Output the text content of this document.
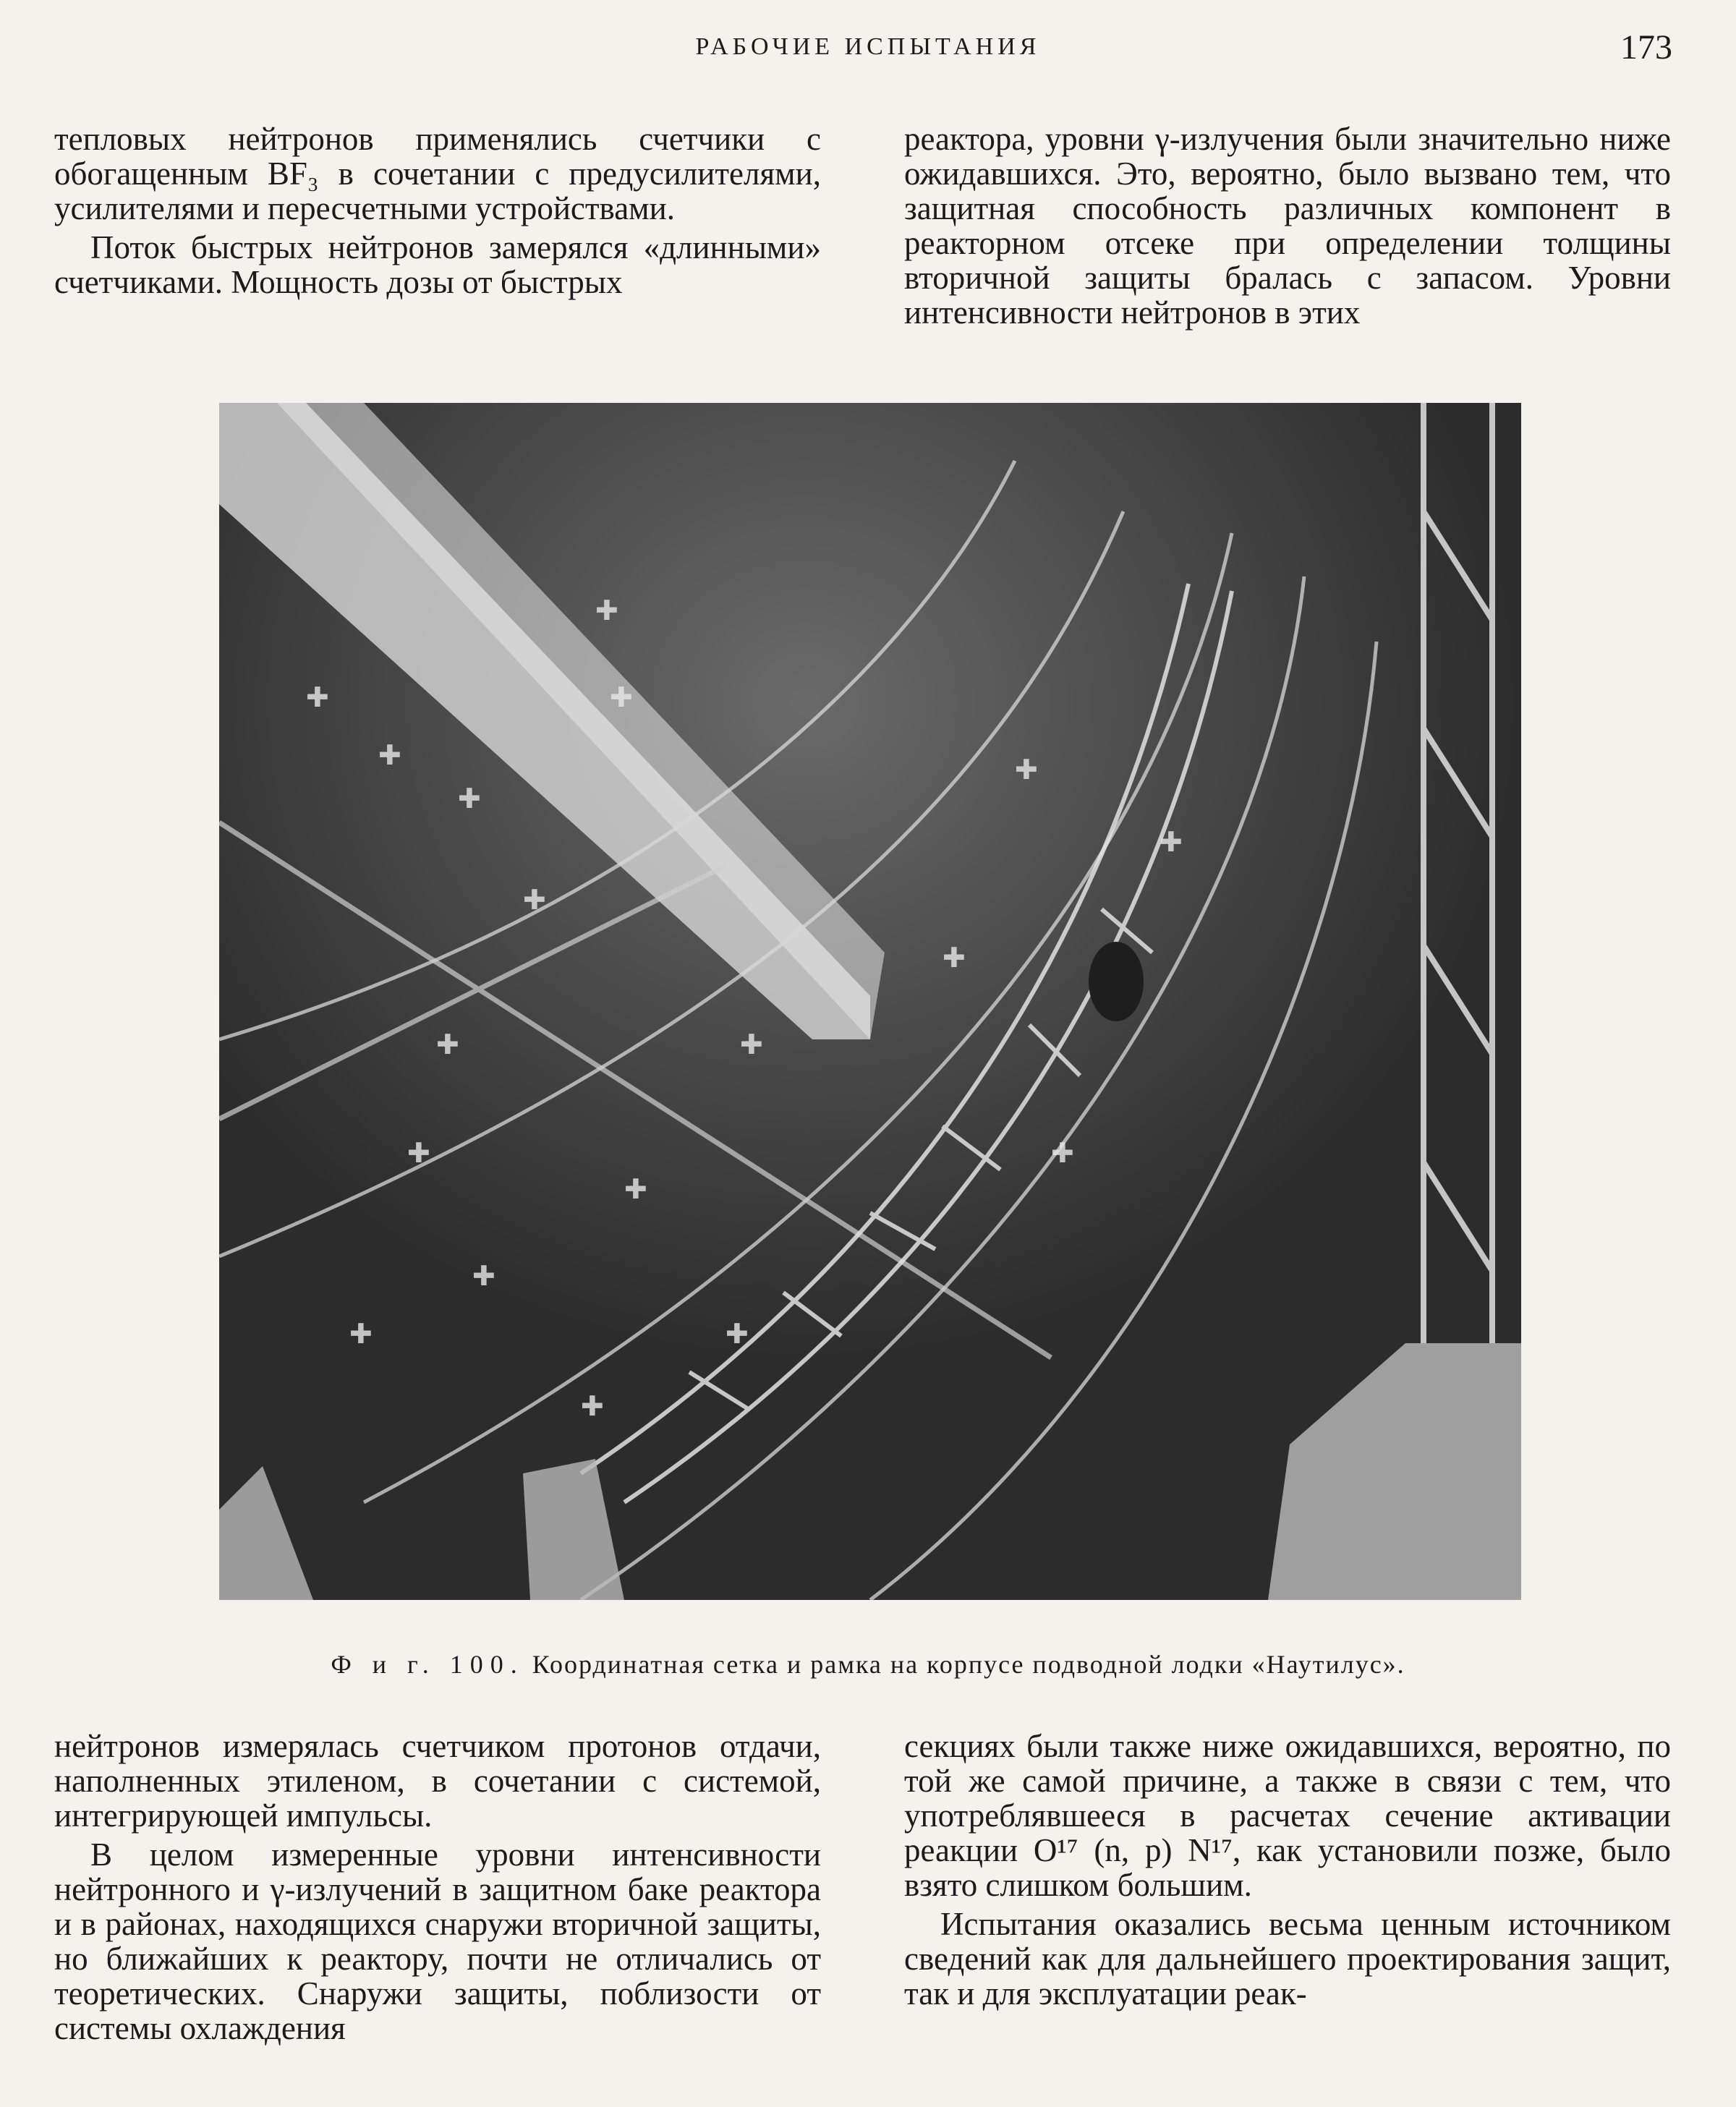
РАБОЧИЕ ИСПЫТАНИЯ	173

тепловых нейтронов применялись счетчики с обогащенным BF₃ в сочетании с предусилителями, усилителями и пересчетными устройствами.

Поток быстрых нейтронов замерялся «длинными» счетчиками. Мощность дозы от быстрых

реактора, уровни γ-излучения были значительно ниже ожидавшихся. Это, вероятно, было вызвано тем, что защитная способность различных компонент в реакторном отсеке при определении толщины вторичной защиты бралась с запасом. Уровни интенсивности нейтронов в этих

✚
✚
✚
✚
✚
✚
✚
✚
✚
✚
✚
✚
✚
✚
✚
✚
✚
✚
Ф и г. 100. Координатная сетка и рамка на корпусе подводной лодки «Наутилус».

нейтронов измерялась счетчиком протонов отдачи, наполненных этиленом, в сочетании с системой, интегрирующей импульсы.

В целом измеренные уровни интенсивности нейтронного и γ-излучений в защитном баке реактора и в районах, находящихся снаружи вторичной защиты, но ближайших к реактору, почти не отличались от теоретических. Снаружи защиты, поблизости от системы охлаждения

секциях были также ниже ожидавшихся, вероятно, по той же самой причине, а также в связи с тем, что употреблявшееся в расчетах сечение активации реакции O¹⁷ (n, p) N¹⁷, как установили позже, было взято слишком большим.

Испытания оказались весьма ценным источником сведений как для дальнейшего проектирования защит, так и для эксплуатации реак-
